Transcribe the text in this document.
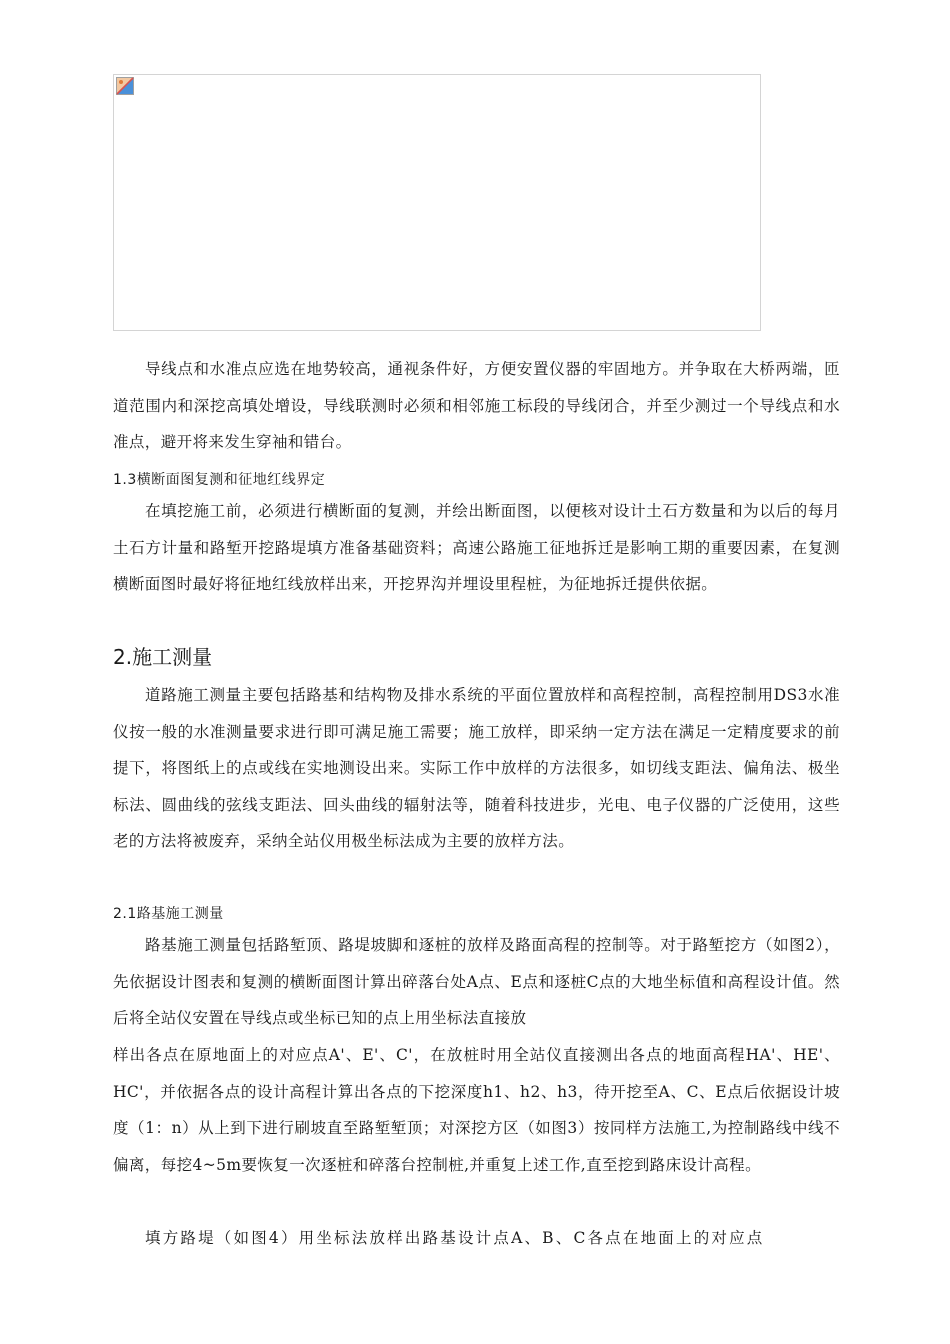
导线点和水准点应选在地势较高，通视条件好，方便安置仪器的牢固地方。并争取在大桥两端，匝道范围内和深挖高填处增设，导线联测时必须和相邻施工标段的导线闭合，并至少测过一个导线点和水准点，避开将来发生穿袖和错台。

1.3横断面图复测和征地红线界定

在填挖施工前，必须进行横断面的复测，并绘出断面图，以便核对设计土石方数量和为以后的每月土石方计量和路堑开挖路堤填方准备基础资料；高速公路施工征地拆迁是影响工期的重要因素，在复测横断面图时最好将征地红线放样出来，开挖界沟并埋设里程桩，为征地拆迁提供依据。

2.施工测量

道路施工测量主要包括路基和结构物及排水系统的平面位置放样和高程控制，高程控制用DS3水准仪按一般的水准测量要求进行即可满足施工需要；施工放样，即采纳一定方法在满足一定精度要求的前提下，将图纸上的点或线在实地测设出来。实际工作中放样的方法很多，如切线支距法、偏角法、极坐标法、圆曲线的弦线支距法、回头曲线的辐射法等，随着科技进步，光电、电子仪器的广泛使用，这些老的方法将被废弃，采纳全站仪用极坐标法成为主要的放样方法。

2.1路基施工测量

路基施工测量包括路堑顶、路堤坡脚和逐桩的放样及路面高程的控制等。对于路堑挖方（如图2），先依据设计图表和复测的横断面图计算出碎落台处A点、E点和逐桩C点的大地坐标值和高程设计值。然后将全站仪安置在导线点或坐标已知的点上用坐标法直接放

样出各点在原地面上的对应点A'、E'、C'，在放桩时用全站仪直接测出各点的地面高程HA'、HE'、HC'，并依据各点的设计高程计算出各点的下挖深度h1、h2、h3，待开挖至A、C、E点后依据设计坡度（1：n）从上到下进行刷坡直至路堑堑顶；对深挖方区（如图3）按同样方法施工,为控制路线中线不偏离，每挖4~5m要恢复一次逐桩和碎落台控制桩,并重复上述工作,直至挖到路床设计高程。

填方路堤（如图4）用坐标法放样出路基设计点A、B、C各点在地面上的对应点
